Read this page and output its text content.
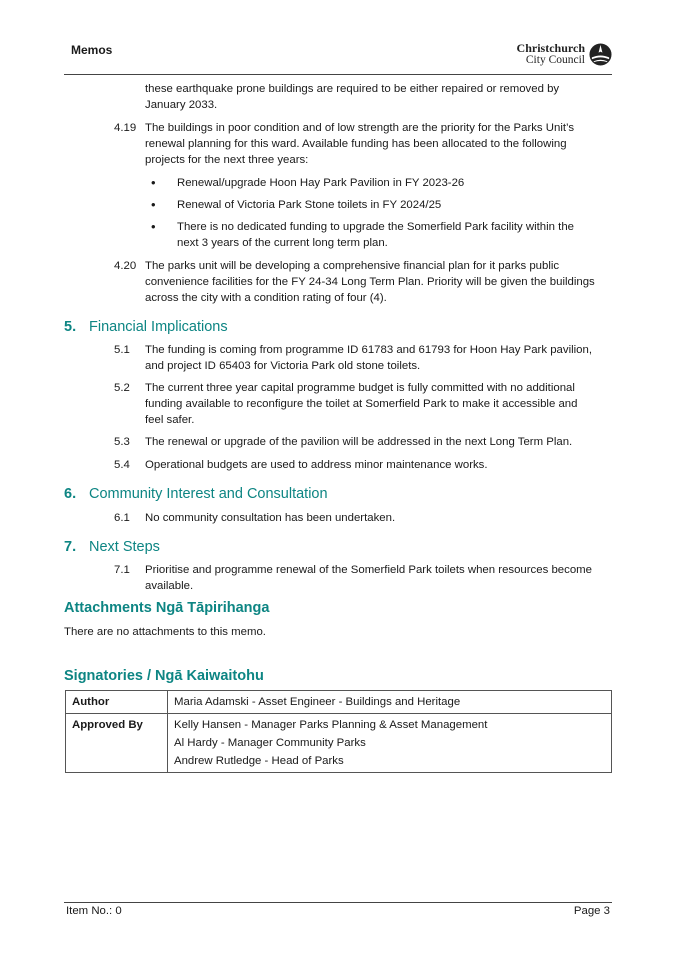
Memos	Christchurch
City Council
these earthquake prone buildings are required to be either repaired or removed by
January 2033.
4.19 The buildings in poor condition and of low strength are the priority for the Parks Unit’s
renewal planning for this ward. Available funding has been allocated to the following
projects for the next three years:
• Renewal/upgrade Hoon Hay Park Pavilion in FY 2023-26
• Renewal of Victoria Park Stone toilets in FY 2024/25
• There is no dedicated funding to upgrade the Somerfield Park facility within the
next 3 years of the current long term plan.
4.20 The parks unit will be developing a comprehensive financial plan for it parks public
convenience facilities for the FY 24-34 Long Term Plan. Priority will be given the buildings
across the city with a condition rating of four (4).
5. Financial Implications
5.1 The funding is coming from programme ID 61783 and 61793 for Hoon Hay Park pavilion,
and project ID 65403 for Victoria Park old stone toilets.
5.2 The current three year capital programme budget is fully committed with no additional
funding available to reconfigure the toilet at Somerfield Park to make it accessible and
feel safer.
5.3 The renewal or upgrade of the pavilion will be addressed in the next Long Term Plan.
5.4 Operational budgets are used to address minor maintenance works.
6. Community Interest and Consultation
6.1 No community consultation has been undertaken.
7. Next Steps
7.1 Prioritise and programme renewal of the Somerfield Park toilets when resources become
available.
Attachments Ngā Tāpirihanga
There are no attachments to this memo.
Signatories / Ngā Kaiwaitohu
Author	Maria Adamski - Asset Engineer - Buildings and Heritage
Approved By	Kelly Hansen - Manager Parks Planning & Asset Management
Al Hardy - Manager Community Parks
Andrew Rutledge - Head of Parks
Item No.: 0	Page 3
